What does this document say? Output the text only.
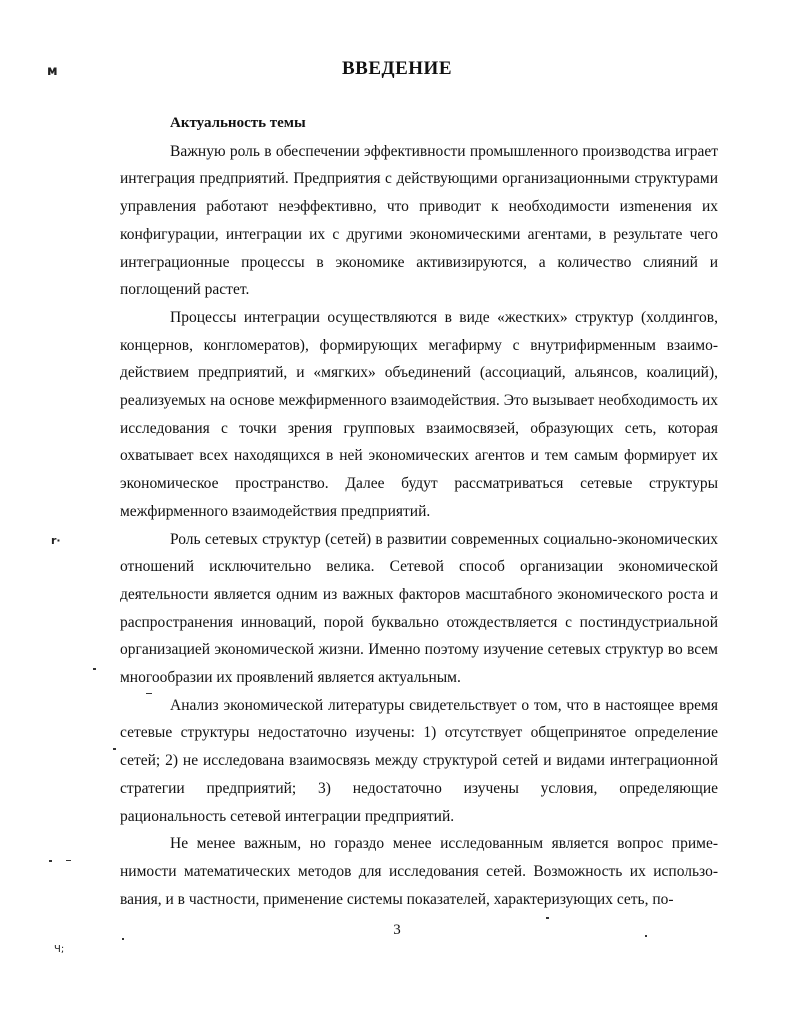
м
r·
Ч;
ВВЕДЕНИЕ

Актуальность темы

Важную роль в обеспечении эффективности промышленного производства играет интеграция предприятий. Предприятия с действующими организационными структурами управления работают неэффективно, что приводит к необходимости изmенения их конфигурации, интеграции их с другими экономическими агентами, в результате чего интеграционные процессы в экономике активизируются, а количество слияний и поглощений растет.

Процессы интеграции осуществляются в виде «жестких» структур (холдингов, концернов, конгломератов), формирующих мегафирму с внутрифирменным взаимодействием предприятий, и «мягких» объединений (ассоциаций, альянсов, коалиций), реализуемых на основе межфирменного взаимодействия. Это вызывает необходимость их исследования с точки зрения групповых взаимосвязей, образующих сеть, которая охватывает всех находящихся в ней экономических агентов и тем самым формирует их экономическое пространство. Далее будут рассматриваться сетевые структуры межфирменного взаимодействия предприятий.

Роль сетевых структур (сетей) в развитии современных социально-экономических отношений исключительно велика. Сетевой способ организации экономической деятельности является одним из важных факторов масштабного экономического роста и распространения инноваций, порой буквально отождествляется с постиндустриальной организацией экономической жизни. Именно поэтому изучение сетевых структур во всем многообразии их проявлений является актуальным.

Анализ экономической литературы свидетельствует о том, что в настоящее время сетевые структуры недостаточно изучены: 1) отсутствует общепринятое определение сетей; 2) не исследована взаимосвязь между структурой сетей и видами интеграционной стратегии предприятий; 3) недостаточно изучены условия, определяющие рациональность сетевой интеграции предприятий.

Не менее важным, но гораздо менее исследованным является вопрос применимости математических методов для исследования сетей. Возможность их использования, и в частности, применение системы показателей, характеризующих сеть, по-

3
